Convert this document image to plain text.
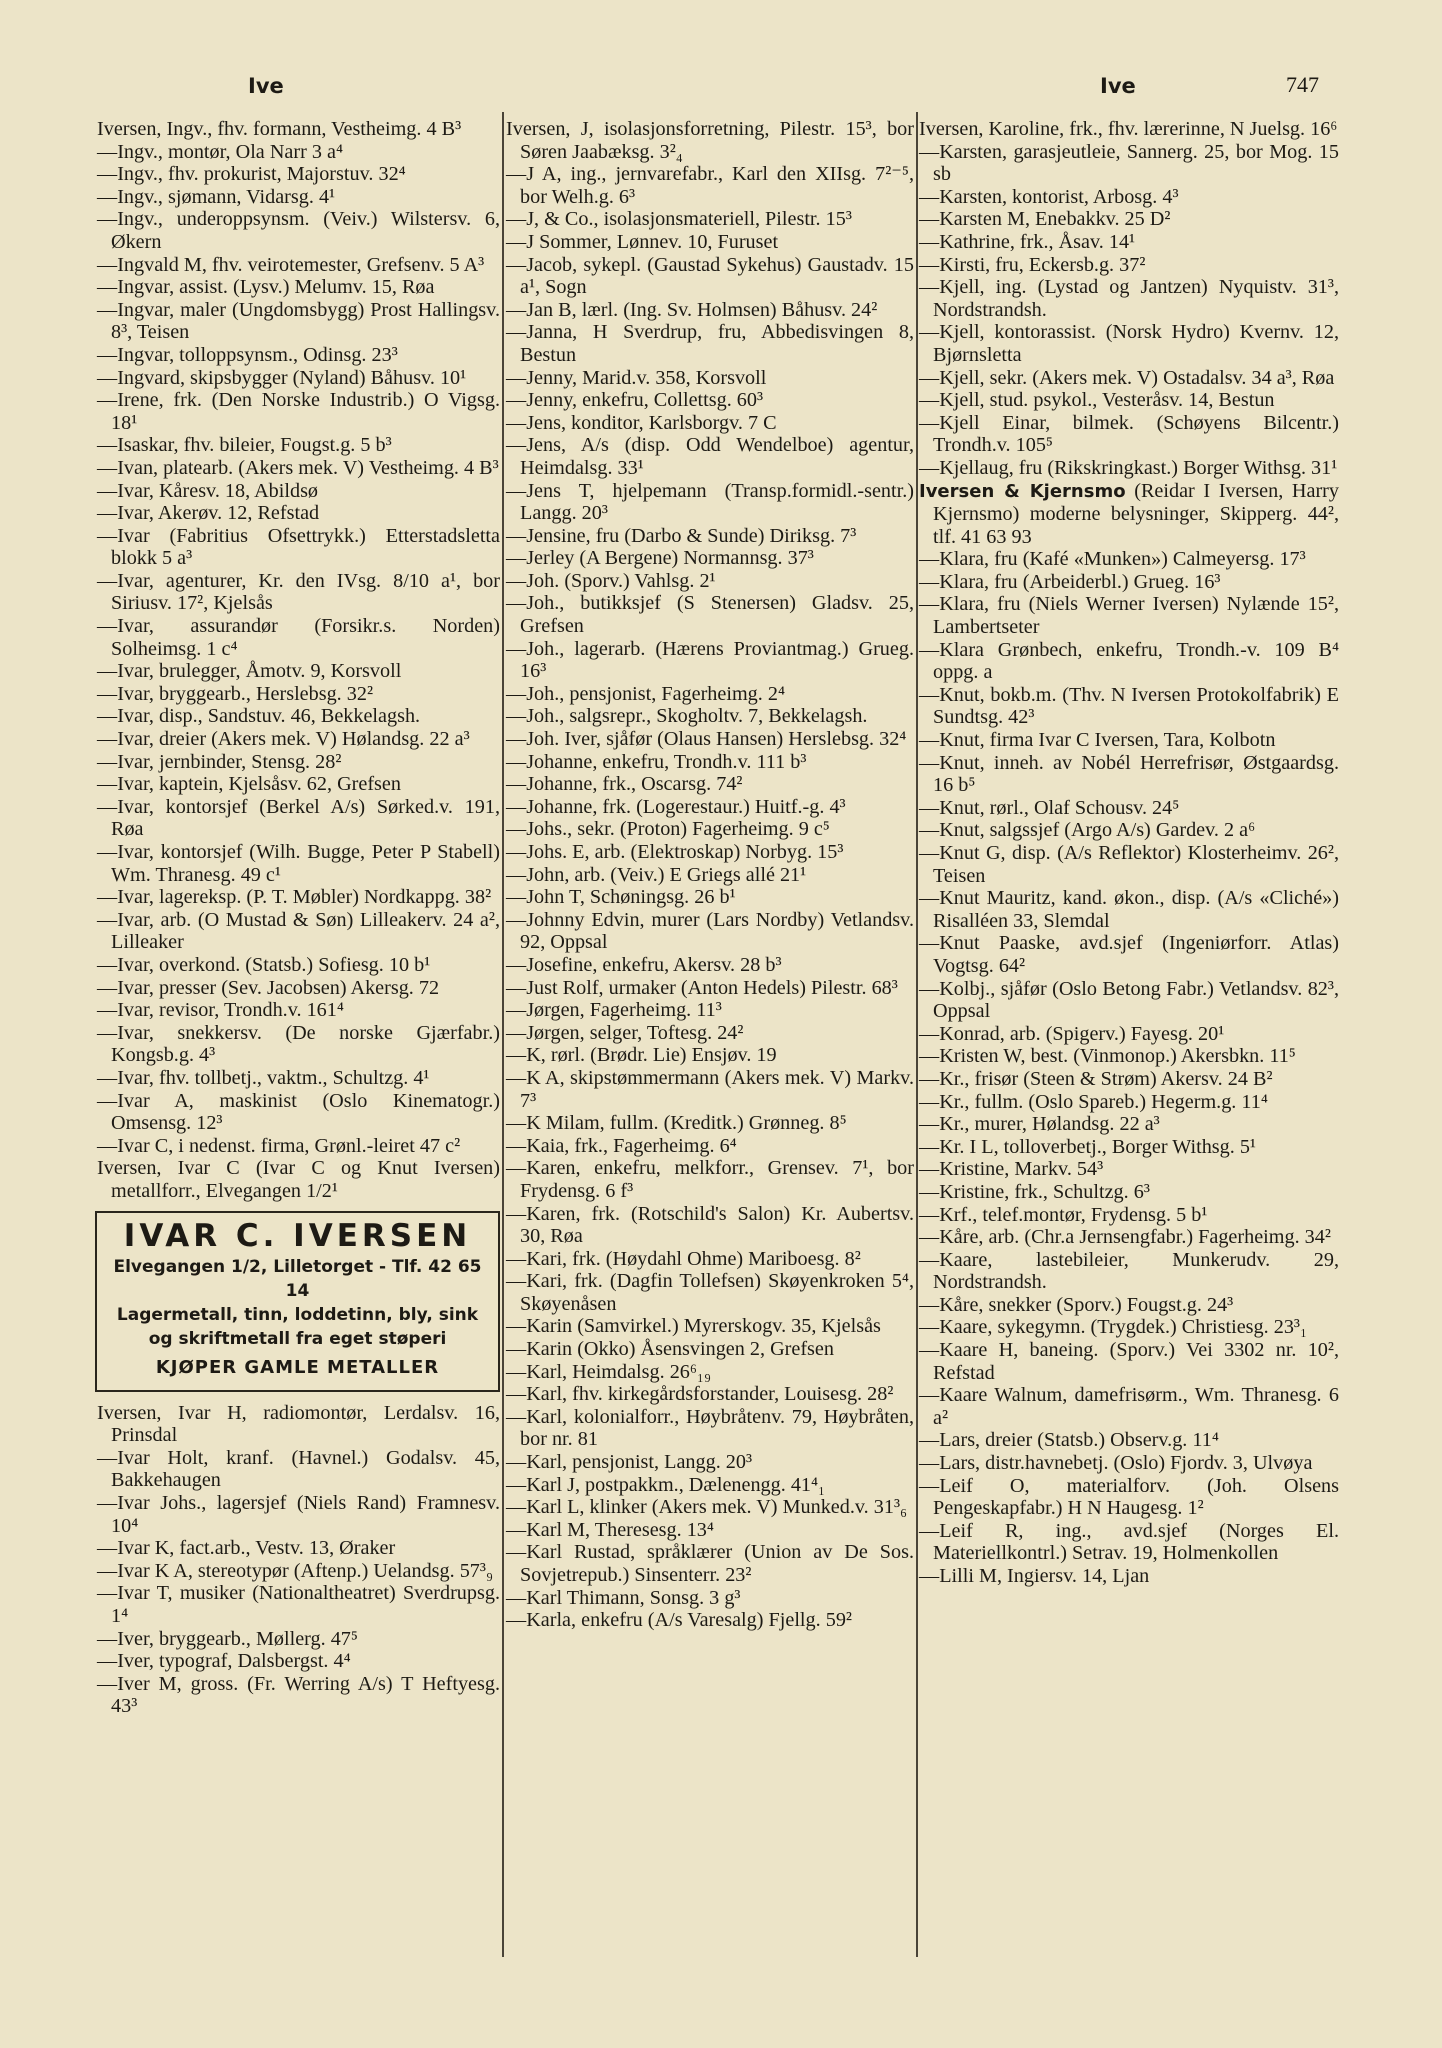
Ive	Ive	747

Iversen, Ingv., fhv. formann, Vestheimg. 4 B³

—Ingv., montør, Ola Narr 3 a⁴

—Ingv., fhv. prokurist, Majorstuv. 32⁴

—Ingv., sjømann, Vidarsg. 4¹

—Ingv., underoppsynsm. (Veiv.) Wilstersv. 6, Økern

—Ingvald M, fhv. veirotemester, Grefsenv. 5 A³

—Ingvar, assist. (Lysv.) Melumv. 15, Røa

—Ingvar, maler (Ungdomsbygg) Prost Hallingsv. 8³, Teisen

—Ingvar, tolloppsynsm., Odinsg. 23³

—Ingvard, skipsbygger (Nyland) Båhusv. 10¹

—Irene, frk. (Den Norske Industrib.) O Vigsg. 18¹

—Isaskar, fhv. bileier, Fougst.g. 5 b³

—Ivan, platearb. (Akers mek. V) Vestheimg. 4 B³

—Ivar, Kåresv. 18, Abildsø

—Ivar, Akerøv. 12, Refstad

—Ivar (Fabritius Ofsettrykk.) Etterstadsletta blokk 5 a³

—Ivar, agenturer, Kr. den IVsg. 8/10 a¹, bor Siriusv. 17², Kjelsås

—Ivar, assurandør (Forsikr.s. Norden) Solheimsg. 1 c⁴

—Ivar, brulegger, Åmotv. 9, Korsvoll

—Ivar, bryggearb., Herslebsg. 32²

—Ivar, disp., Sandstuv. 46, Bekkelagsh.

—Ivar, dreier (Akers mek. V) Hølandsg. 22 a³

—Ivar, jernbinder, Stensg. 28²

—Ivar, kaptein, Kjelsåsv. 62, Grefsen

—Ivar, kontorsjef (Berkel A/s) Sørked.v. 191, Røa

—Ivar, kontorsjef (Wilh. Bugge, Peter P Stabell) Wm. Thranesg. 49 c¹

—Ivar, lagereksp. (P. T. Møbler) Nordkappg. 38²

—Ivar, arb. (O Mustad & Søn) Lilleakerv. 24 a², Lilleaker

—Ivar, overkond. (Statsb.) Sofiesg. 10 b¹

—Ivar, presser (Sev. Jacobsen) Akersg. 72

—Ivar, revisor, Trondh.v. 161⁴

—Ivar, snekkersv. (De norske Gjærfabr.) Kongsb.g. 4³

—Ivar, fhv. tollbetj., vaktm., Schultzg. 4¹

—Ivar A, maskinist (Oslo Kinematogr.) Omsensg. 12³

—Ivar C, i nedenst. firma, Grønl.-leiret 47 c²

Iversen, Ivar C (Ivar C og Knut Iversen) metallforr., Elvegangen 1/2¹

IVAR C. IVERSEN
Elvegangen 1/2, Lilletorget - Tlf. 42 65 14
Lagermetall, tinn, loddetinn, bly, sink
og skriftmetall fra eget støperi
KJØPER GAMLE METALLER

Iversen, Ivar H, radiomontør, Lerdalsv. 16, Prinsdal

—Ivar Holt, kranf. (Havnel.) Godalsv. 45, Bakkehaugen

—Ivar Johs., lagersjef (Niels Rand) Framnesv. 10⁴

—Ivar K, fact.arb., Vestv. 13, Øraker

—Ivar K A, stereotypør (Aftenp.) Uelandsg. 57³₉

—Ivar T, musiker (Nationaltheatret) Sverdrupsg. 1⁴

—Iver, bryggearb., Møllerg. 47⁵

—Iver, typograf, Dalsbergst. 4⁴

—Iver M, gross. (Fr. Werring A/s) T Heftyesg. 43³

Iversen, J, isolasjonsforretning, Pilestr. 15³, bor Søren Jaabæksg. 3²₄

—J A, ing., jernvarefabr., Karl den XIIsg. 7²⁻⁵, bor Welh.g. 6³

—J, & Co., isolasjonsmateriell, Pilestr. 15³

—J Sommer, Lønnev. 10, Furuset

—Jacob, sykepl. (Gaustad Sykehus) Gaustadv. 15 a¹, Sogn

—Jan B, lærl. (Ing. Sv. Holmsen) Båhusv. 24²

—Janna, H Sverdrup, fru, Abbedisvingen 8, Bestun

—Jenny, Marid.v. 358, Korsvoll

—Jenny, enkefru, Collettsg. 60³

—Jens, konditor, Karlsborgv. 7 C

—Jens, A/s (disp. Odd Wendelboe) agentur, Heimdalsg. 33¹

—Jens T, hjelpemann (Transp.formidl.-sentr.) Langg. 20³

—Jensine, fru (Darbo & Sunde) Diriksg. 7³

—Jerley (A Bergene) Normannsg. 37³

—Joh. (Sporv.) Vahlsg. 2¹

—Joh., butikksjef (S Stenersen) Gladsv. 25, Grefsen

—Joh., lagerarb. (Hærens Proviantmag.) Grueg. 16³

—Joh., pensjonist, Fagerheimg. 2⁴

—Joh., salgsrepr., Skogholtv. 7, Bekkelagsh.

—Joh. Iver, sjåfør (Olaus Hansen) Herslebsg. 32⁴

—Johanne, enkefru, Trondh.v. 111 b³

—Johanne, frk., Oscarsg. 74²

—Johanne, frk. (Logerestaur.) Huitf.-g. 4³

—Johs., sekr. (Proton) Fagerheimg. 9 c⁵

—Johs. E, arb. (Elektroskap) Norbyg. 15³

—John, arb. (Veiv.) E Griegs allé 21¹

—John T, Schøningsg. 26 b¹

—Johnny Edvin, murer (Lars Nordby) Vetlandsv. 92, Oppsal

—Josefine, enkefru, Akersv. 28 b³

—Just Rolf, urmaker (Anton Hedels) Pilestr. 68³

—Jørgen, Fagerheimg. 11³

—Jørgen, selger, Toftesg. 24²

—K, rørl. (Brødr. Lie) Ensjøv. 19

—K A, skipstømmermann (Akers mek. V) Markv. 7³

—K Milam, fullm. (Kreditk.) Grønneg. 8⁵

—Kaia, frk., Fagerheimg. 6⁴

—Karen, enkefru, melkforr., Grensev. 7¹, bor Frydensg. 6 f³

—Karen, frk. (Rotschild's Salon) Kr. Aubertsv. 30, Røa

—Kari, frk. (Høydahl Ohme) Mariboesg. 8²

—Kari, frk. (Dagfin Tollefsen) Skøyenkroken 5⁴, Skøyenåsen

—Karin (Samvirkel.) Myrerskogv. 35, Kjelsås

—Karin (Okko) Åsensvingen 2, Grefsen

—Karl, Heimdalsg. 26⁶₁₉

—Karl, fhv. kirkegårdsforstander, Louisesg. 28²

—Karl, kolonialforr., Høybråtenv. 79, Høybråten, bor nr. 81

—Karl, pensjonist, Langg. 20³

—Karl J, postpakkm., Dælenengg. 41⁴₁

—Karl L, klinker (Akers mek. V) Munked.v. 31³₆

—Karl M, Theresesg. 13⁴

—Karl Rustad, språklærer (Union av De Sos. Sovjetrepub.) Sinsenterr. 23²

—Karl Thimann, Sonsg. 3 g³

—Karla, enkefru (A/s Varesalg) Fjellg. 59²

Iversen, Karoline, frk., fhv. lærerinne, N Juelsg. 16⁶

—Karsten, garasjeutleie, Sannerg. 25, bor Mog. 15 sb

—Karsten, kontorist, Arbosg. 4³

—Karsten M, Enebakkv. 25 D²

—Kathrine, frk., Åsav. 14¹

—Kirsti, fru, Eckersb.g. 37²

—Kjell, ing. (Lystad og Jantzen) Nyquistv. 31³, Nordstrandsh.

—Kjell, kontorassist. (Norsk Hydro) Kvernv. 12, Bjørnsletta

—Kjell, sekr. (Akers mek. V) Ostadalsv. 34 a³, Røa

—Kjell, stud. psykol., Vesteråsv. 14, Bestun

—Kjell Einar, bilmek. (Schøyens Bilcentr.) Trondh.v. 105⁵

—Kjellaug, fru (Rikskringkast.) Borger Withsg. 31¹

Iversen & Kjernsmo (Reidar I Iversen, Harry Kjernsmo) moderne belysninger, Skipperg. 44², tlf. 41 63 93

—Klara, fru (Kafé «Munken») Calmeyersg. 17³

—Klara, fru (Arbeiderbl.) Grueg. 16³

—Klara, fru (Niels Werner Iversen) Nylænde 15², Lambertseter

—Klara Grønbech, enkefru, Trondh.-v. 109 B⁴ oppg. a

—Knut, bokb.m. (Thv. N Iversen Protokolfabrik) E Sundtsg. 42³

—Knut, firma Ivar C Iversen, Tara, Kolbotn

—Knut, inneh. av Nobél Herrefrisør, Østgaardsg. 16 b⁵

—Knut, rørl., Olaf Schousv. 24⁵

—Knut, salgssjef (Argo A/s) Gardev. 2 a⁶

—Knut G, disp. (A/s Reflektor) Klosterheimv. 26², Teisen

—Knut Mauritz, kand. økon., disp. (A/s «Cliché») Risalléen 33, Slemdal

—Knut Paaske, avd.sjef (Ingeniørforr. Atlas) Vogtsg. 64²

—Kolbj., sjåfør (Oslo Betong Fabr.) Vetlandsv. 82³, Oppsal

—Konrad, arb. (Spigerv.) Fayesg. 20¹

—Kristen W, best. (Vinmonop.) Akersbkn. 11⁵

—Kr., frisør (Steen & Strøm) Akersv. 24 B²

—Kr., fullm. (Oslo Spareb.) Hegerm.g. 11⁴

—Kr., murer, Hølandsg. 22 a³

—Kr. I L, tolloverbetj., Borger Withsg. 5¹

—Kristine, Markv. 54³

—Kristine, frk., Schultzg. 6³

—Krf., telef.montør, Frydensg. 5 b¹

—Kåre, arb. (Chr.a Jernsengfabr.) Fagerheimg. 34²

—Kaare, lastebileier, Munkerudv. 29, Nordstrandsh.

—Kåre, snekker (Sporv.) Fougst.g. 24³

—Kaare, sykegymn. (Trygdek.) Christiesg. 23³₁

—Kaare H, baneing. (Sporv.) Vei 3302 nr. 10², Refstad

—Kaare Walnum, damefrisørm., Wm. Thranesg. 6 a²

—Lars, dreier (Statsb.) Observ.g. 11⁴

—Lars, distr.havnebetj. (Oslo) Fjordv. 3, Ulvøya

—Leif O, materialforv. (Joh. Olsens Pengeskapfabr.) H N Haugesg. 1²

—Leif R, ing., avd.sjef (Norges El. Materiellkontrl.) Setrav. 19, Holmenkollen

—Lilli M, Ingiersv. 14, Ljan
